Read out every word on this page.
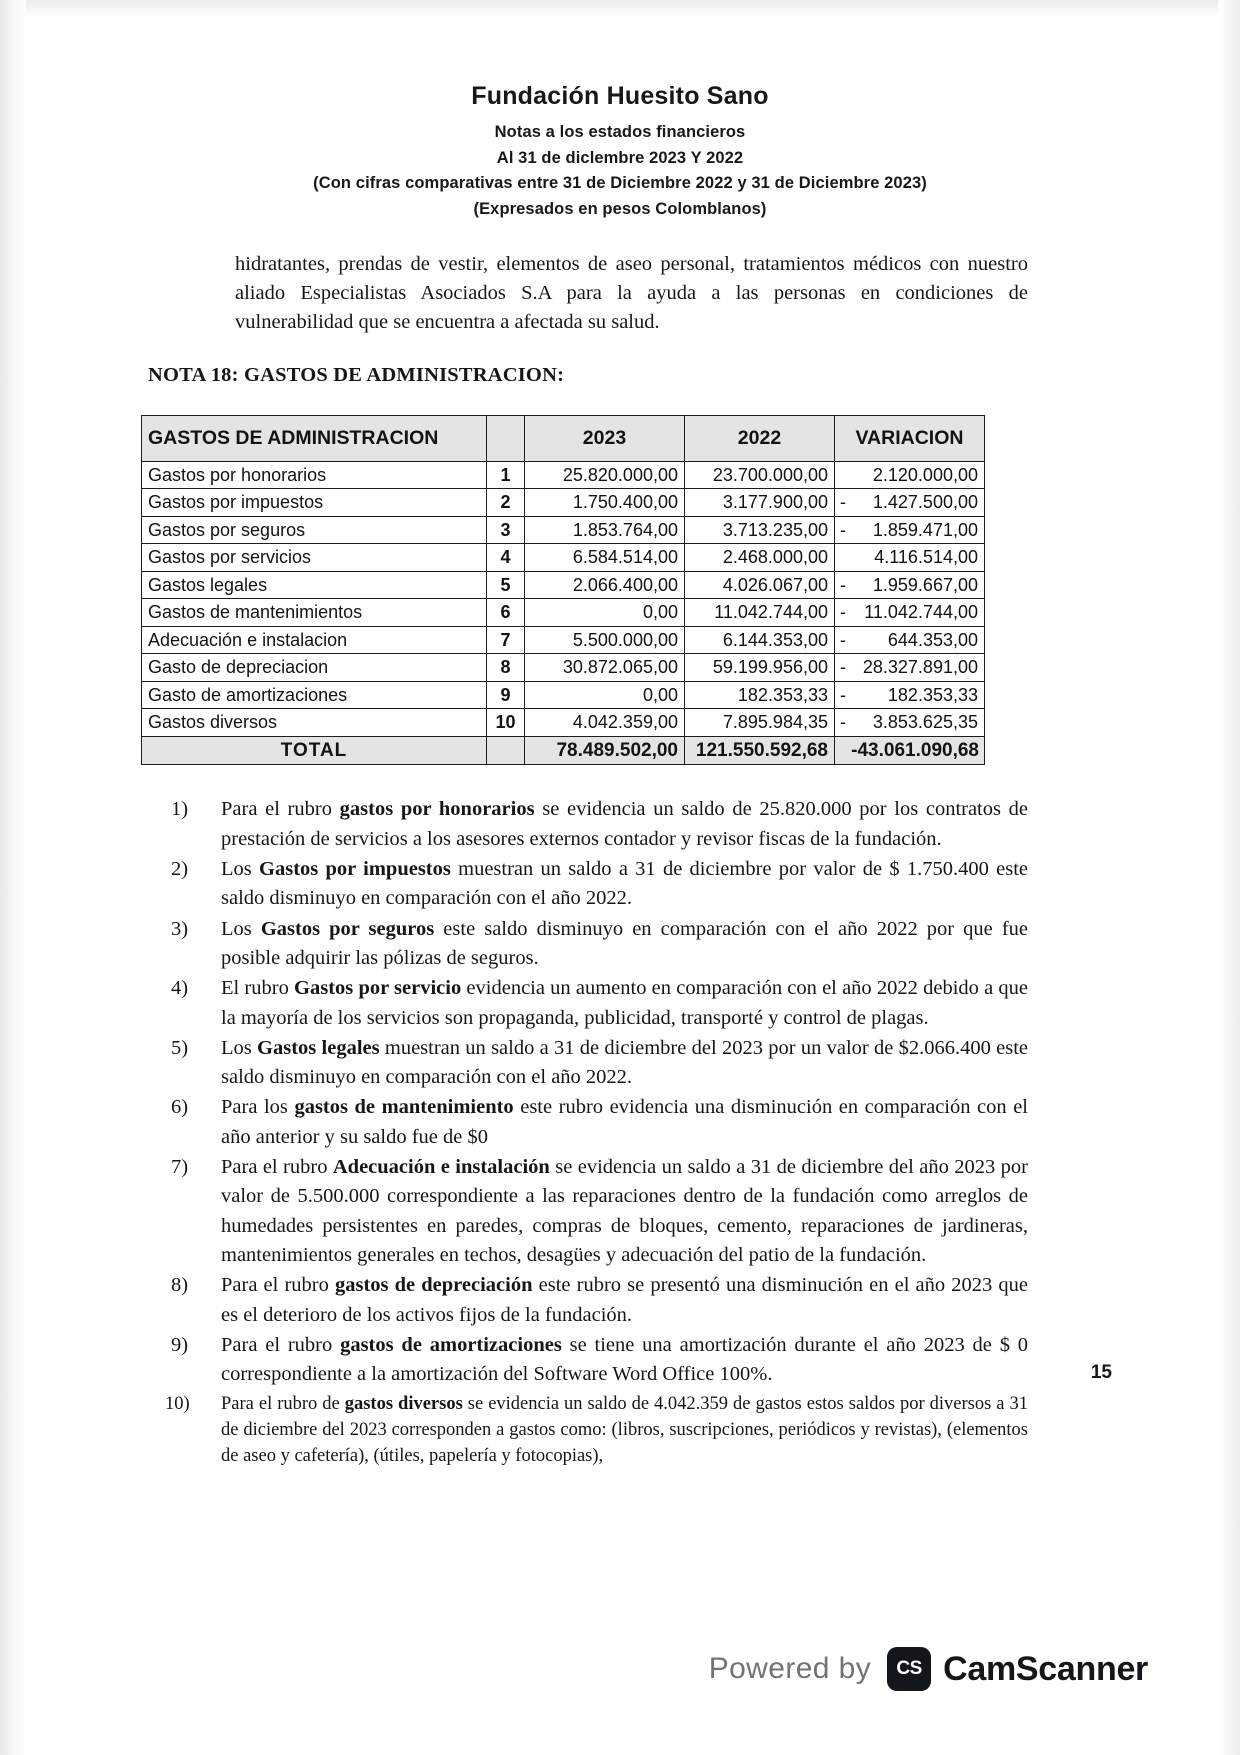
Fundación Huesito Sano
Notas a los estados financieros
Al 31 de diclembre 2023 Y 2022
(Con cifras comparativas entre 31 de Diciembre 2022 y 31 de Diciembre 2023)
(Expresados en pesos Colomblanos)

hidratantes, prendas de vestir, elementos de aseo personal, tratamientos médicos con nuestro aliado Especialistas Asociados S.A para la ayuda a las personas en condiciones de vulnerabilidad que se encuentra a afectada su salud.

NOTA 18: GASTOS DE ADMINISTRACION:
GASTOS DE ADMINISTRACION		2023	2022	VARIACION
Gastos por honorarios	1	25.820.000,00	23.700.000,00	2.120.000,00
Gastos por impuestos	2	1.750.400,00	3.177.900,00	- 1.427.500,00
Gastos por seguros	3	1.853.764,00	3.713.235,00	- 1.859.471,00
Gastos por servicios	4	6.584.514,00	2.468.000,00	4.116.514,00
Gastos legales	5	2.066.400,00	4.026.067,00	- 1.959.667,00
Gastos de mantenimientos	6	0,00	11.042.744,00	- 11.042.744,00
Adecuación e instalacion	7	5.500.000,00	6.144.353,00	- 644.353,00
Gasto de depreciacion	8	30.872.065,00	59.199.956,00	- 28.327.891,00
Gasto de amortizaciones	9	0,00	182.353,33	- 182.353,33
Gastos diversos	10	4.042.359,00	7.895.984,35	- 3.853.625,35
TOTAL		78.489.502,00	121.550.592,68	-43.061.090,68
1)	Para el rubro gastos por honorarios se evidencia un saldo de 25.820.000 por los contratos de prestación de servicios a los asesores externos contador y revisor fiscas de la fundación.
2)	Los Gastos por impuestos muestran un saldo a 31 de diciembre por valor de $ 1.750.400 este saldo disminuyo en comparación con el año 2022.
3)	Los Gastos por seguros este saldo disminuyo en comparación con el año 2022 por que fue posible adquirir las pólizas de seguros.
4)	El rubro Gastos por servicio evidencia un aumento en comparación con el año 2022 debido a que la mayoría de los servicios son propaganda, publicidad, transporté y control de plagas.
5)	Los Gastos legales muestran un saldo a 31 de diciembre del 2023 por un valor de $2.066.400 este saldo disminuyo en comparación con el año 2022.
6)	Para los gastos de mantenimiento este rubro evidencia una disminución en comparación con el año anterior y su saldo fue de $0
7)	Para el rubro Adecuación e instalación se evidencia un saldo a 31 de diciembre del año 2023 por valor de 5.500.000 correspondiente a las reparaciones dentro de la fundación como arreglos de humedades persistentes en paredes, compras de bloques, cemento, reparaciones de jardineras, mantenimientos generales en techos, desagües y adecuación del patio de la fundación.
8)	Para el rubro gastos de depreciación este rubro se presentó una disminución en el año 2023 que es el deterioro de los activos fijos de la fundación.
9)	Para el rubro gastos de amortizaciones se tiene una amortización durante el año 2023 de $ 0 correspondiente a la amortización del Software Word Office 100%.
10)	Para el rubro de gastos diversos se evidencia un saldo de 4.042.359 de gastos estos saldos por diversos a 31 de diciembre del 2023 corresponden a gastos como: (libros, suscripciones, periódicos y revistas), (elementos de aseo y cafetería), (útiles, papelería y fotocopias),
15
Powered by	CS CamScanner
